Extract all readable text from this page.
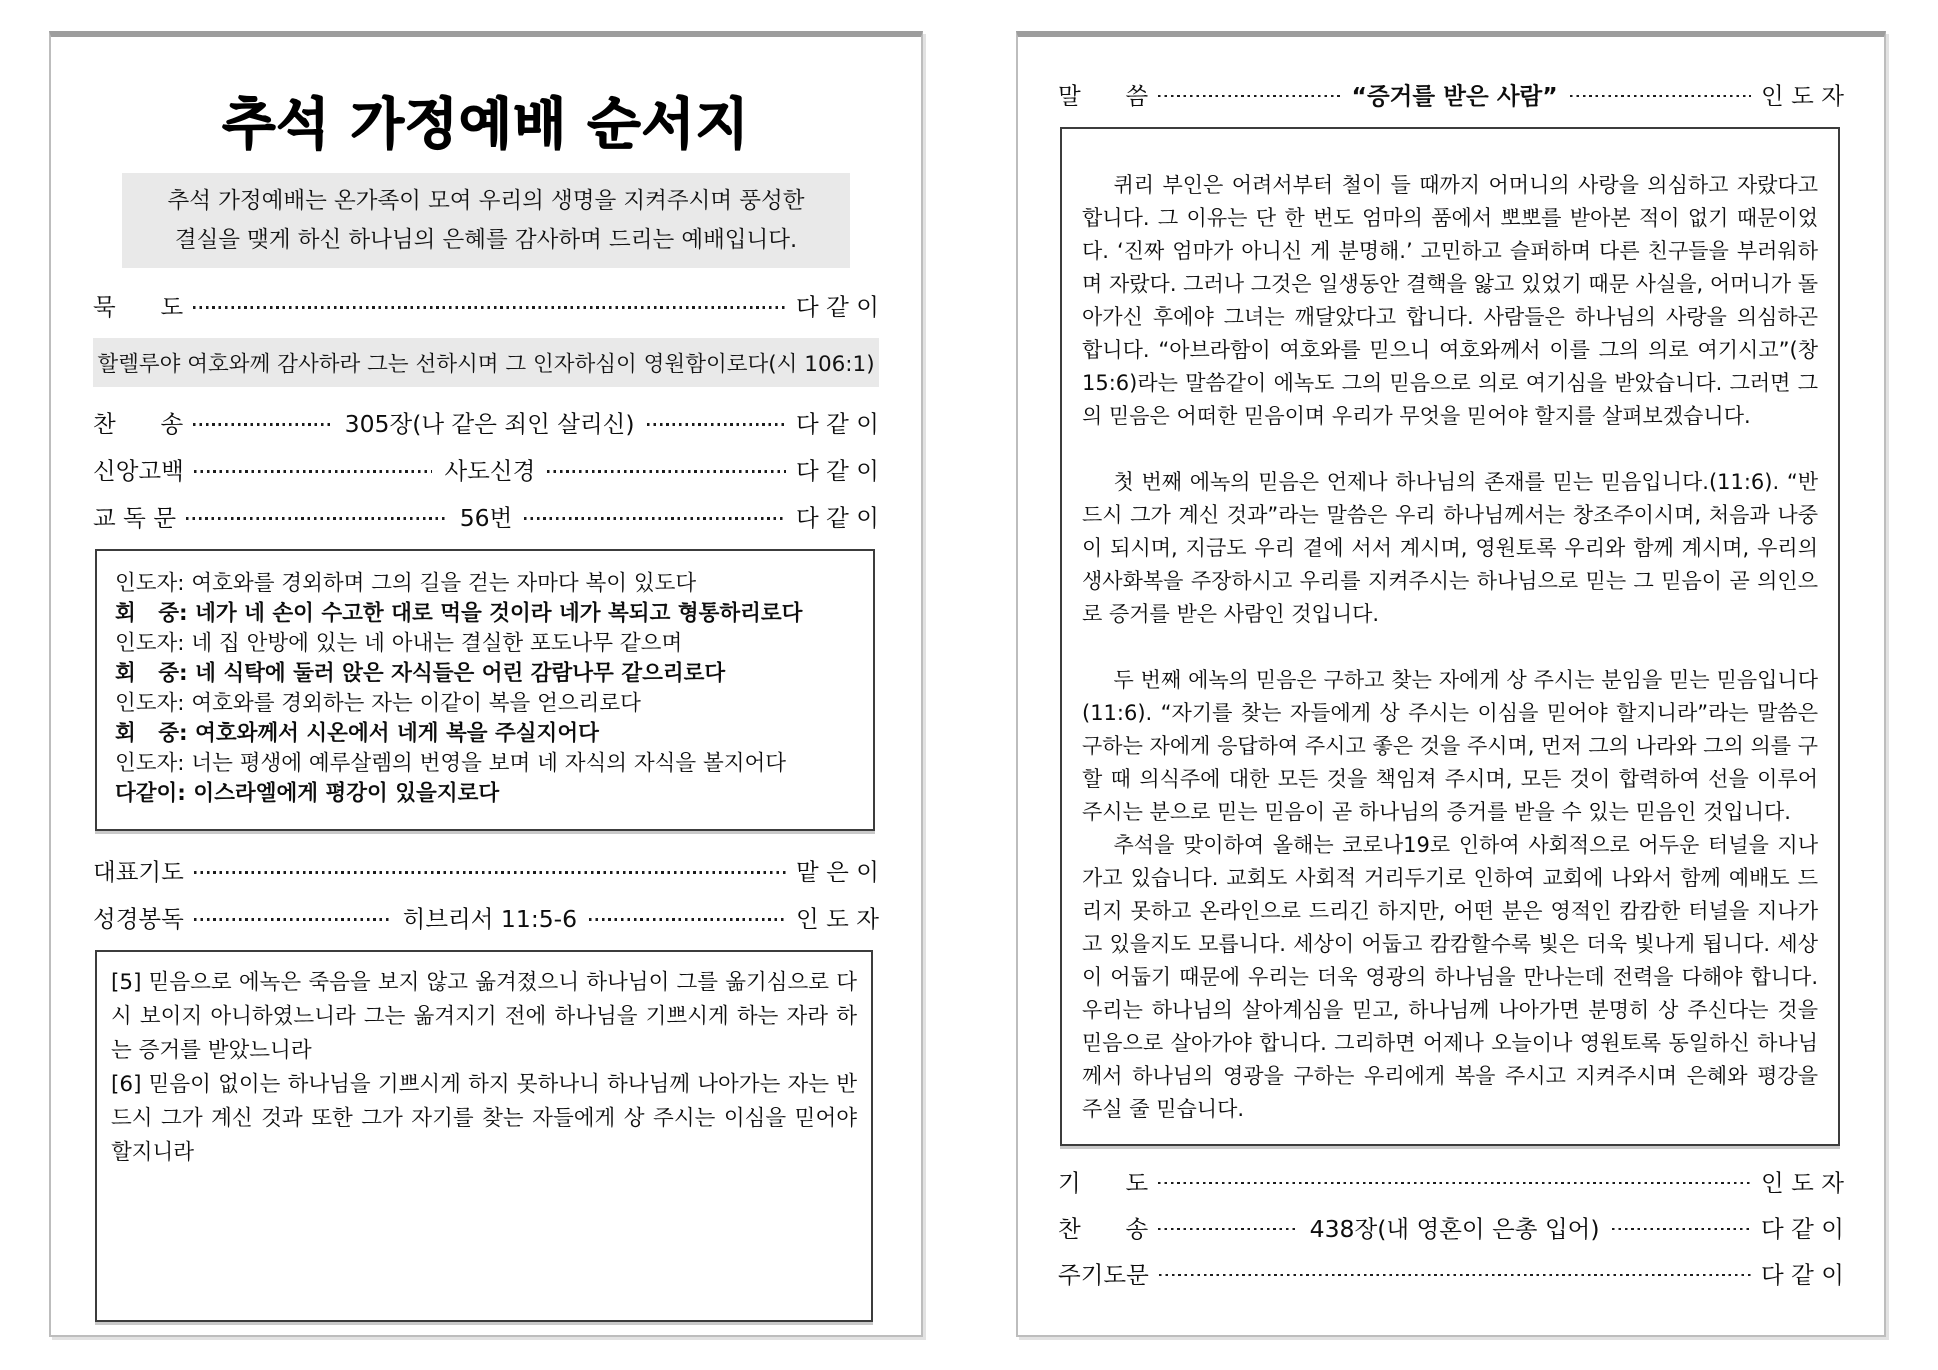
추석 가정예배 순서지
추석 가정예배는 온가족이 모여 우리의 생명을 지켜주시며 풍성한
결실을 맺게 하신 하나님의 은혜를 감사하며 드리는 예배입니다.
묵      도	다 같 이
할렐루야 여호와께 감사하라 그는 선하시며 그 인자하심이 영원함이로다(시 106:1)
찬      송	305장(나 같은 죄인 살리신)	다 같 이
신앙고백	사도신경	다 같 이
교 독 문	56번	다 같 이
인도자: 여호와를 경외하며 그의 길을 걷는 자마다 복이 있도다
회   중: 네가 네 손이 수고한 대로 먹을 것이라 네가 복되고 형통하리로다
인도자: 네 집 안방에 있는 네 아내는 결실한 포도나무 같으며
회   중: 네 식탁에 둘러 앉은 자식들은 어린 감람나무 같으리로다
인도자: 여호와를 경외하는 자는 이같이 복을 얻으리로다
회   중: 여호와께서 시온에서 네게 복을 주실지어다
인도자: 너는 평생에 예루살렘의 번영을 보며 네 자식의 자식을 볼지어다
다같이: 이스라엘에게 평강이 있을지로다
대표기도	맡 은 이
성경봉독	히브리서 11:5-6	인 도 자

[5] 믿음으로 에녹은 죽음을 보지 않고 옮겨졌으니 하나님이 그를 옮기심으로 다시 보이지 아니하였느니라 그는 옮겨지기 전에 하나님을 기쁘시게 하는 자라 하는 증거를 받았느니라

[6] 믿음이 없이는 하나님을 기쁘시게 하지 못하나니 하나님께 나아가는 자는 반드시 그가 계신 것과 또한 그가 자기를 찾는 자들에게 상 주시는 이심을 믿어야 할지니라

말      씀	“증거를 받은 사람”	인 도 자

퀴리 부인은 어려서부터 철이 들 때까지 어머니의 사랑을 의심하고 자랐다고 합니다. 그 이유는 단 한 번도 엄마의 품에서 뽀뽀를 받아본 적이 없기 때문이었다. ‘진짜 엄마가 아니신 게 분명해.’ 고민하고 슬퍼하며 다른 친구들을 부러워하며 자랐다. 그러나 그것은 일생동안 결핵을 앓고 있었기 때문 사실을, 어머니가 돌아가신 후에야 그녀는 깨달았다고 합니다. 사람들은 하나님의 사랑을 의심하곤 합니다. “아브라함이 여호와를 믿으니 여호와께서 이를 그의 의로 여기시고”(창 15:6)라는 말씀같이 에녹도 그의 믿음으로 의로 여기심을 받았습니다. 그러면 그의 믿음은 어떠한 믿음이며 우리가 무엇을 믿어야 할지를 살펴보겠습니다.

첫 번째 에녹의 믿음은 언제나 하나님의 존재를 믿는 믿음입니다.(11:6). “반드시 그가 계신 것과”라는 말씀은 우리 하나님께서는 창조주이시며, 처음과 나중이 되시며, 지금도 우리 곁에 서서 계시며, 영원토록 우리와 함께 계시며, 우리의 생사화복을 주장하시고 우리를 지켜주시는 하나님으로 믿는 그 믿음이 곧 의인으로 증거를 받은 사람인 것입니다.

두 번째 에녹의 믿음은 구하고 찾는 자에게 상 주시는 분임을 믿는 믿음입니다(11:6). “자기를 찾는 자들에게 상 주시는 이심을 믿어야 할지니라”라는 말씀은 구하는 자에게 응답하여 주시고 좋은 것을 주시며, 먼저 그의 나라와 그의 의를 구할 때 의식주에 대한 모든 것을 책임져 주시며, 모든 것이 합력하여 선을 이루어 주시는 분으로 믿는 믿음이 곧 하나님의 증거를 받을 수 있는 믿음인 것입니다.

추석을 맞이하여 올해는 코로나19로 인하여 사회적으로 어두운 터널을 지나가고 있습니다. 교회도 사회적 거리두기로 인하여 교회에 나와서 함께 예배도 드리지 못하고 온라인으로 드리긴 하지만, 어떤 분은 영적인 캄캄한 터널을 지나가고 있을지도 모릅니다. 세상이 어둡고 캄캄할수록 빛은 더욱 빛나게 됩니다. 세상이 어둡기 때문에 우리는 더욱 영광의 하나님을 만나는데 전력을 다해야 합니다. 우리는 하나님의 살아계심을 믿고, 하나님께 나아가면 분명히 상 주신다는 것을 믿음으로 살아가야 합니다. 그리하면 어제나 오늘이나 영원토록 동일하신 하나님께서 하나님의 영광을 구하는 우리에게 복을 주시고 지켜주시며 은혜와 평강을 주실 줄 믿습니다.

기      도	인 도 자
찬      송	438장(내 영혼이 은총 입어)	다 같 이
주기도문	다 같 이
